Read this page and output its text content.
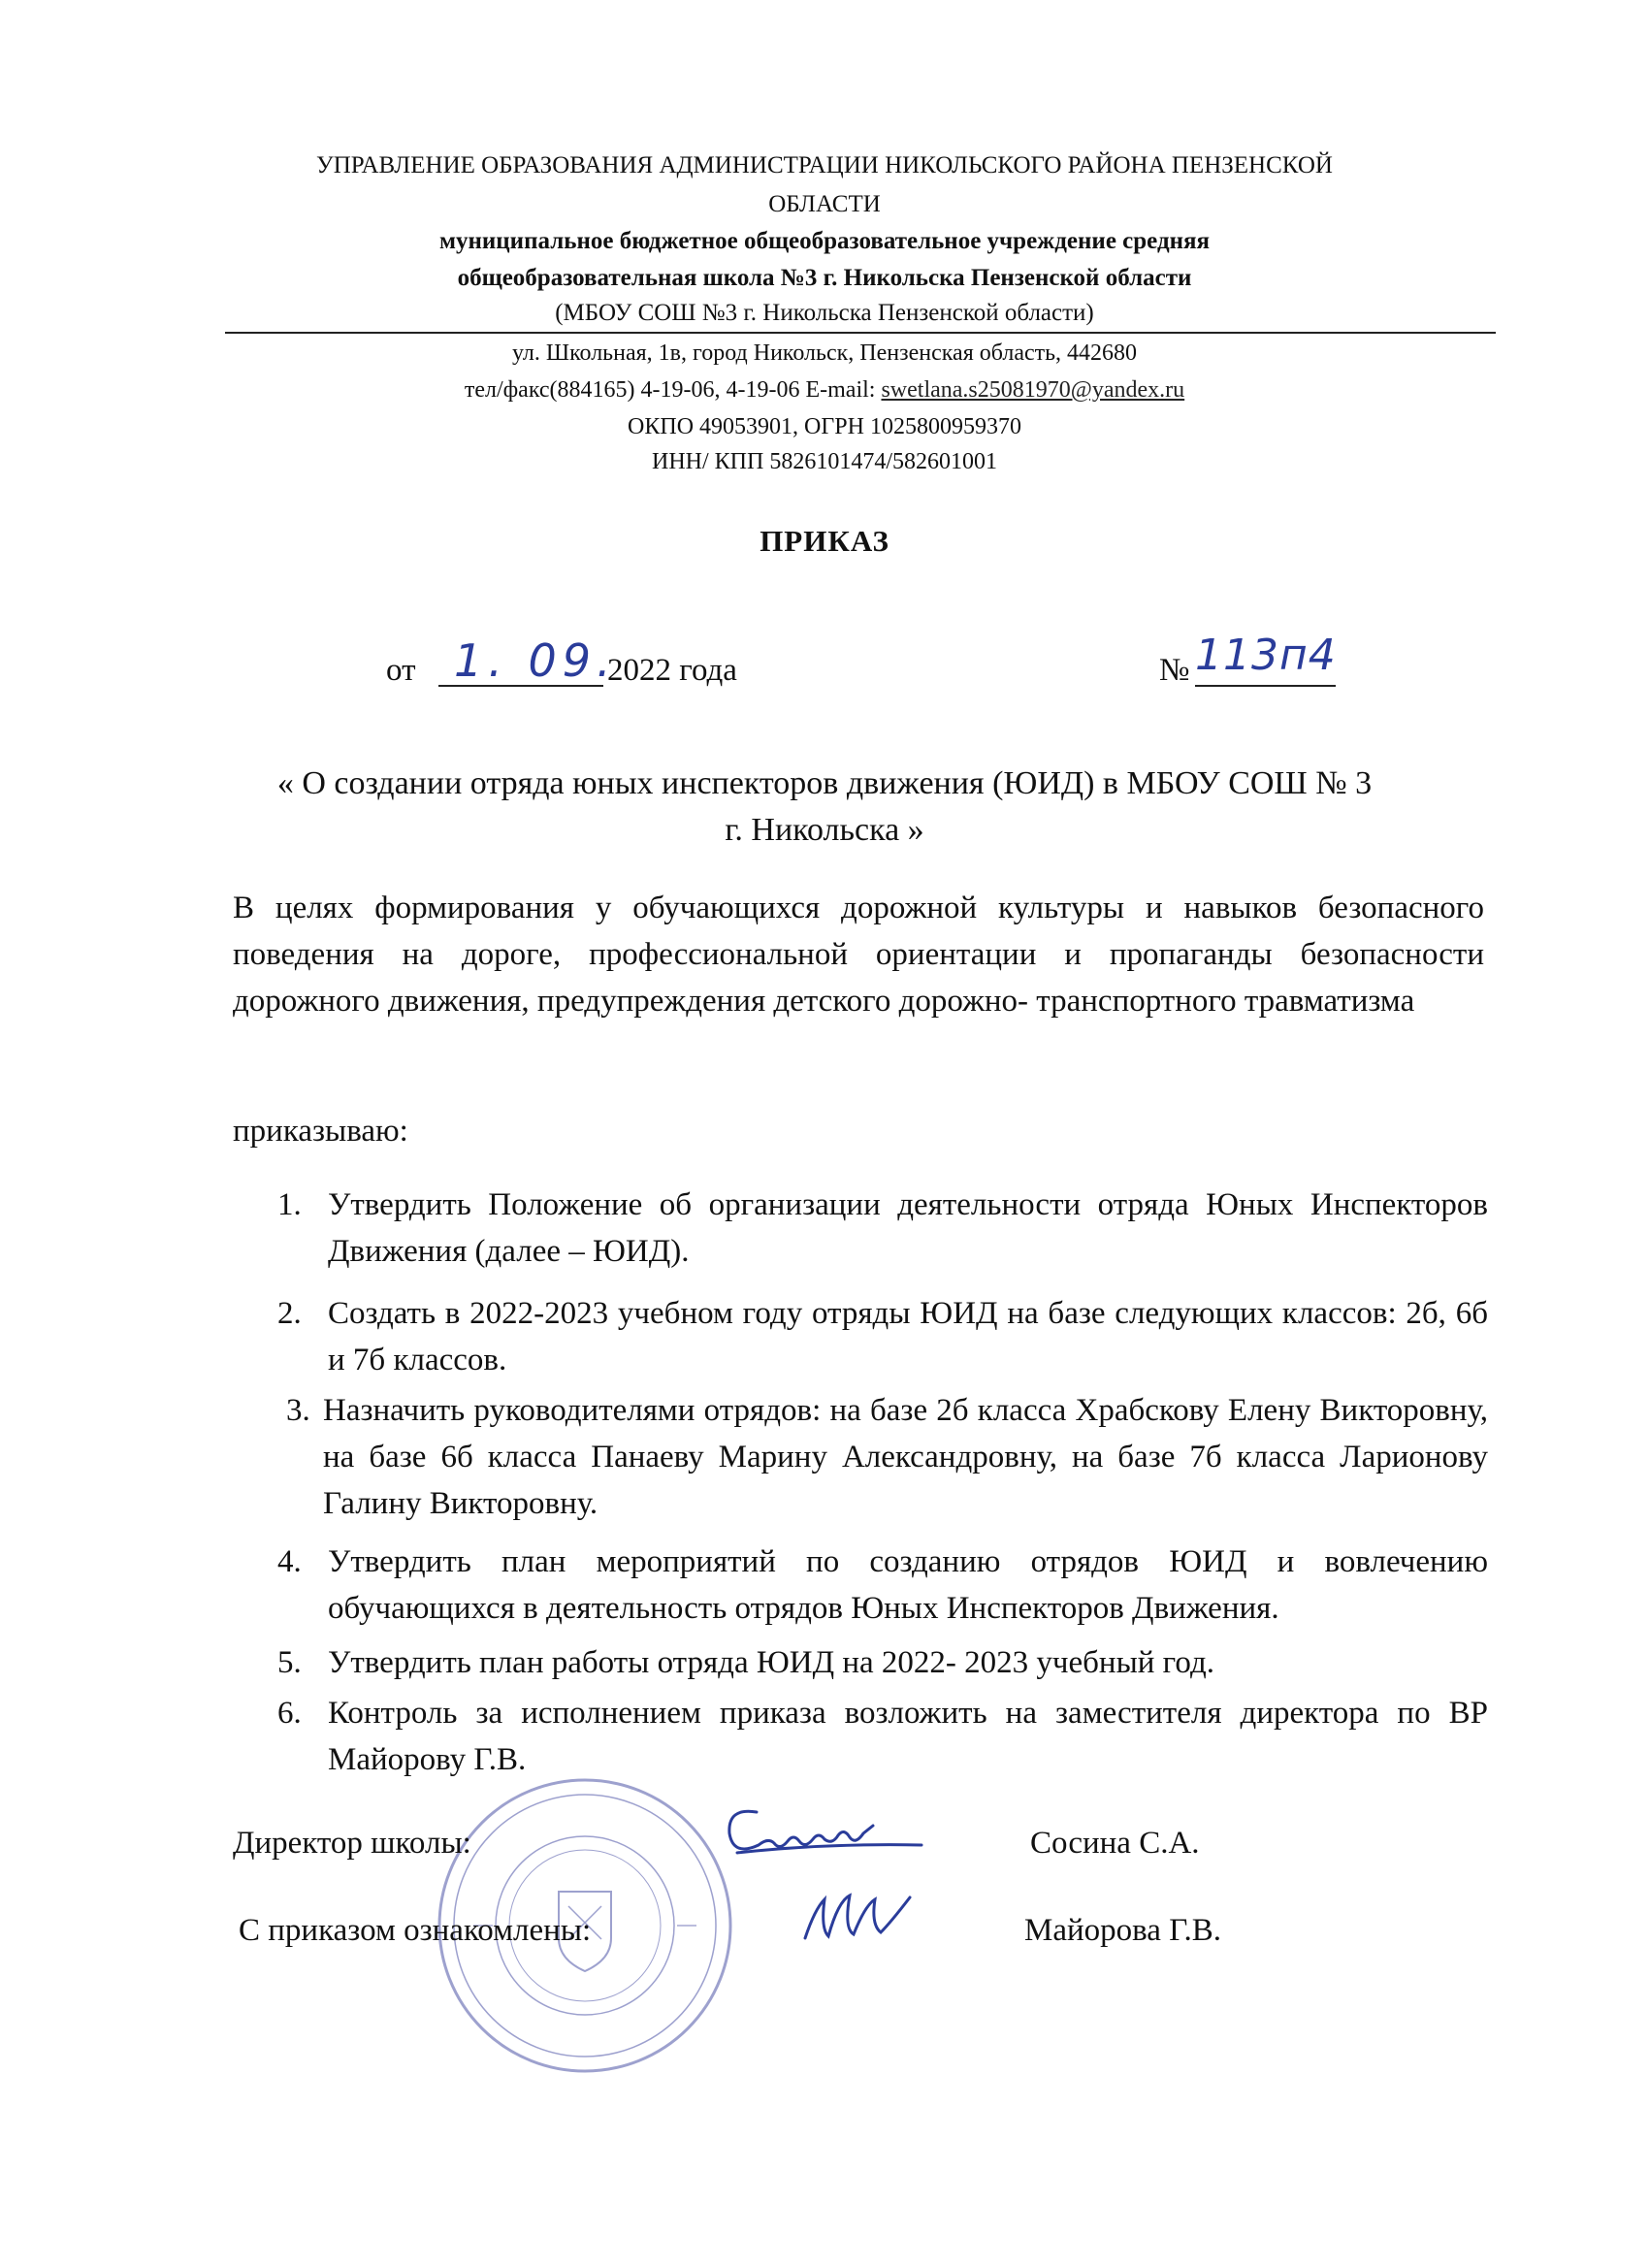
УПРАВЛЕНИЕ ОБРАЗОВАНИЯ АДМИНИСТРАЦИИ НИКОЛЬСКОГО РАЙОНА ПЕНЗЕНСКОЙ
ОБЛАСТИ
муниципальное бюджетное общеобразовательное учреждение средняя
общеобразовательная школа №3 г. Никольска Пензенской области
(МБОУ СОШ №3 г. Никольска Пензенской области)
ул. Школьная, 1в, город Никольск, Пензенская область, 442680
тел/факс(884165) 4-19-06, 4-19-06 E-mail: swetlana.s25081970@yandex.ru
ОКПО 49053901, ОГРН 1025800959370
ИНН/ КПП 5826101474/582601001
ПРИКАЗ
от 1. 09.
2022 года	№ 113п4
« О создании отряда юных инспекторов движения (ЮИД) в МБОУ СОШ № 3
г. Никольска »
В целях формирования у обучающихся дорожной культуры и навыков безопасного поведения на дороге, профессиональной ориентации и пропаганды безопасности дорожного движения, предупреждения детского дорожно- транспортного травматизма
приказываю:
1. Утвердить Положение об организации деятельности отряда Юных Инспекторов Движения (далее – ЮИД).
2. Создать в 2022-2023 учебном году отряды ЮИД на базе следующих классов: 2б, 6б и 7б классов.
3. Назначить руководителями отрядов: на базе 2б класса Храбскову Елену Викторовну, на базе 6б класса Панаеву Марину Александровну, на базе 7б класса Ларионову Галину Викторовну.
4. Утвердить план мероприятий по созданию отрядов ЮИД и вовлечению обучающихся в деятельность отрядов Юных Инспекторов Движения.
5. Утвердить план работы отряда ЮИД на 2022- 2023 учебный год.
6. Контроль за исполнением приказа возложить на заместителя директора по ВР Майорову Г.В.
Директор школы:	Сосина С.А.
С приказом ознакомлены:	Майорова Г.В.
